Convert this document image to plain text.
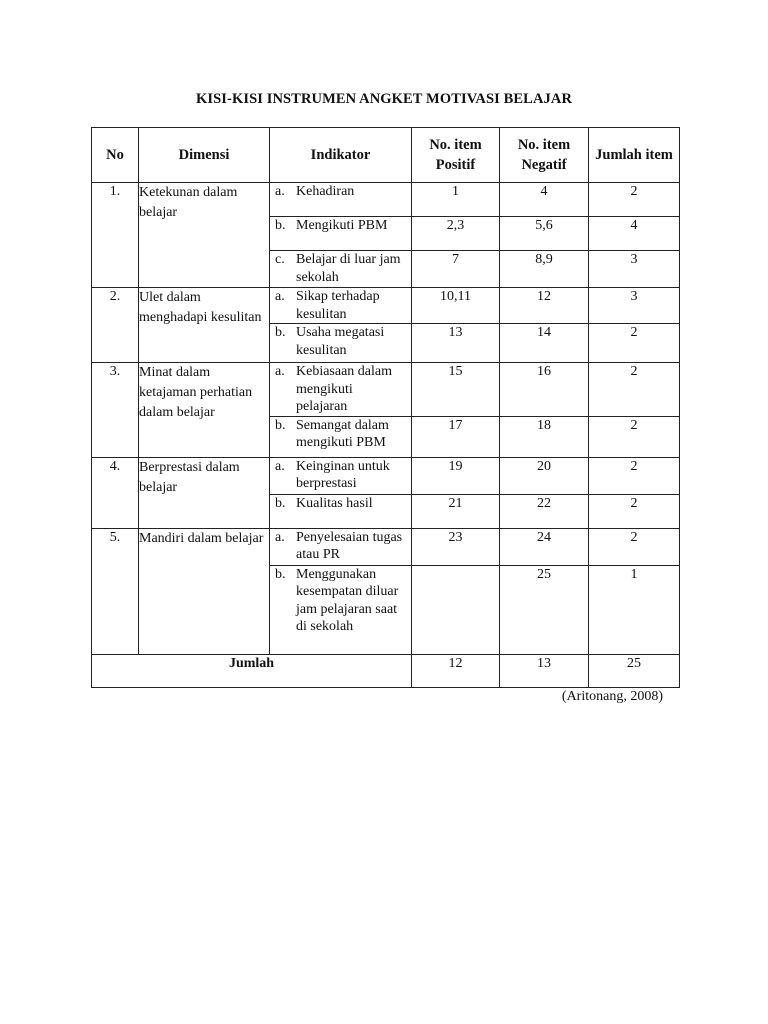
KISI-KISI INSTRUMEN ANGKET MOTIVASI BELAJAR
No	Dimensi	Indikator	No. item Positif	No. item Negatif	Jumlah item
1.	Ketekunan dalam belajar	a. Kehadiran	1	4	2

		b. Mengikuti PBM	2,3	5,6	4

		c. Belajar di luar jam sekolah	7	8,9	3
2.	Ulet dalam menghadapi kesulitan	a. Sikap terhadap kesulitan	10,11	12	3

		b. Usaha megatasi kesulitan	13	14	2
3.	Minat dalam ketajaman perhatian dalam belajar	a. Kebiasaan dalam mengikuti pelajaran	15	16	2

		b. Semangat dalam mengikuti PBM	17	18	2
4.	Berprestasi dalam belajar	a. Keinginan untuk berprestasi	19	20	2

		b. Kualitas hasil	21	22	2
5.	Mandiri dalam belajar	a. Penyelesaian tugas atau PR	23	24	2

		b. Menggunakan kesempatan diluar jam pelajaran saat di sekolah		25	1
Jumlah			12	13	25
(Aritonang, 2008)
